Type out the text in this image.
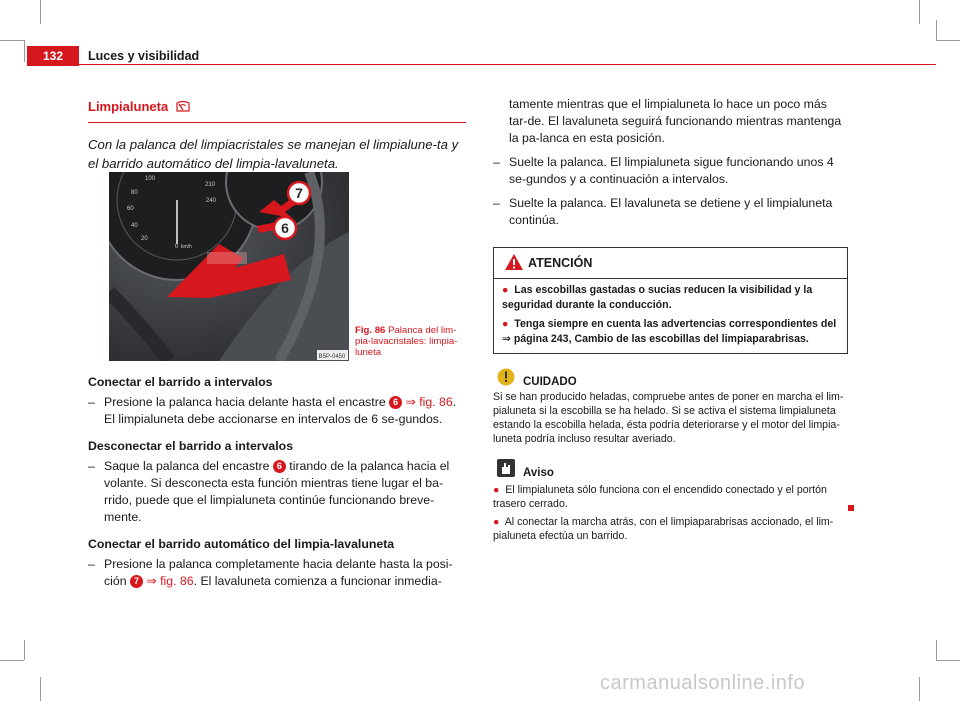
132	Luces y visibilidad
Limpialuneta
Con la palanca del limpiacristales se manejan el limpialune-ta y el barrido automático del limpia-lavaluneta.
7
6
100
80
60
40
20
0 km/h
210
240
B5P-0450
Fig. 86 Palanca del lim-pia-lavacristales: limpia-luneta
Conectar el barrido a intervalos
– Presione la palanca hacia delante hasta el encastre 6 ⇒ fig. 86. El limpialuneta debe accionarse en intervalos de 6 se-gundos.
Desconectar el barrido a intervalos
– Saque la palanca del encastre 6 tirando de la palanca hacia el volante. Si desconecta esta función mientras tiene lugar el ba-rrido, puede que el limpialuneta continúe funcionando breve-mente.
Conectar el barrido automático del limpia-lavaluneta
– Presione la palanca completamente hacia delante hasta la posi-ción 7 ⇒ fig. 86. El lavaluneta comienza a funcionar inmedia-
tamente mientras que el limpialuneta lo hace un poco más tar-de. El lavaluneta seguirá funcionando mientras mantenga la pa-lanca en esta posición.
– Suelte la palanca. El limpialuneta sigue funcionando unos 4 se-gundos y a continuación a intervalos.
– Suelte la palanca. El lavaluneta se detiene y el limpialuneta continúa.
ATENCIÓN
● Las escobillas gastadas o sucias reducen la visibilidad y la seguridad durante la conducción.
● Tenga siempre en cuenta las advertencias correspondientes del
⇒ página 243, Cambio de las escobillas del limpiaparabrisas.
CUIDADO
Si se han producido heladas, compruebe antes de poner en marcha el lim-pialuneta si la escobilla se ha helado. Si se activa el sistema limpialuneta estando la escobilla helada, ésta podría deteriorarse y el motor del limpia-luneta podría incluso resultar averiado.
Aviso
● El limpialuneta sólo funciona con el encendido conectado y el portón trasero cerrado.
● Al conectar la marcha atrás, con el limpiaparabrisas accionado, el lim-pialuneta efectúa un barrido.
carmanualsonline.info
